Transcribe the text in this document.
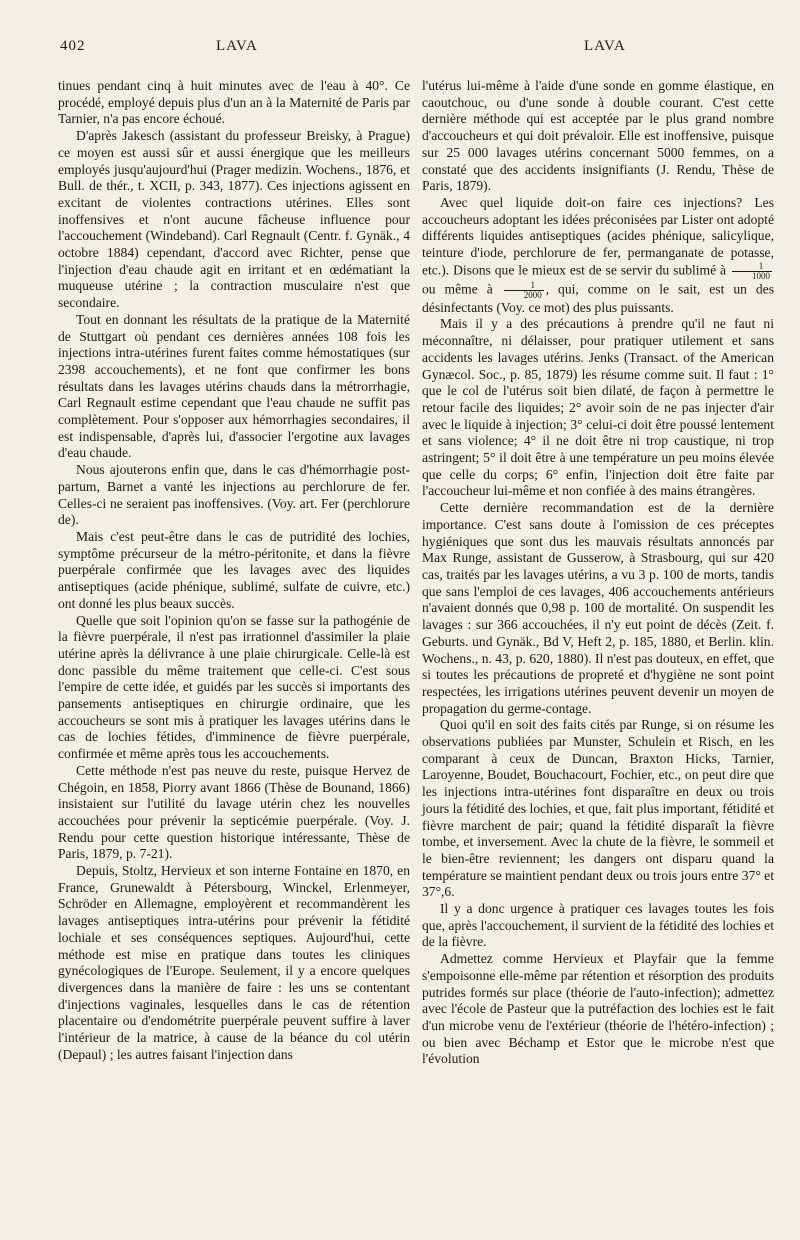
402	LAVA	LAVA

tinues pendant cinq à huit minutes avec de l'eau à 40°. Ce procédé, employé depuis plus d'un an à la Maternité de Paris par Tarnier, n'a pas encore échoué.

D'après Jakesch (assistant du professeur Breisky, à Prague) ce moyen est aussi sûr et aussi énergique que les meilleurs employés jusqu'aujourd'hui (Prager medizin. Wochens., 1876, et Bull. de thér., t. XCII, p. 343, 1877). Ces injections agissent en excitant de violentes contractions utérines. Elles sont inoffensives et n'ont aucune fâcheuse influence pour l'accouchement (Windeband). Carl Regnault (Centr. f. Gynäk., 4 octobre 1884) cependant, d'accord avec Richter, pense que l'injection d'eau chaude agit en irritant et en œdématiant la muqueuse utérine ; la contraction musculaire n'est que secondaire.

Tout en donnant les résultats de la pratique de la Maternité de Stuttgart où pendant ces dernières années 108 fois les injections intra-utérines furent faites comme hémostatiques (sur 2398 accouchements), et ne font que confirmer les bons résultats dans les lavages utérins chauds dans la métrorrhagie, Carl Regnault estime cependant que l'eau chaude ne suffit pas complètement. Pour s'opposer aux hémorrhagies secondaires, il est indispensable, d'après lui, d'associer l'ergotine aux lavages d'eau chaude.

Nous ajouterons enfin que, dans le cas d'hémorrhagie post-partum, Barnet a vanté les injections au perchlorure de fer. Celles-ci ne seraient pas inoffensives. (Voy. art. Fer (perchlorure de).

Mais c'est peut-être dans le cas de putridité des lochies, symptôme précurseur de la métro-péritonite, et dans la fièvre puerpérale confirmée que les lavages avec des liquides antiseptiques (acide phénique, sublimé, sulfate de cuivre, etc.) ont donné les plus beaux succès.

Quelle que soit l'opinion qu'on se fasse sur la pathogénie de la fièvre puerpérale, il n'est pas irrationnel d'assimiler la plaie utérine après la délivrance à une plaie chirurgicale. Celle-là est donc passible du même traitement que celle-ci. C'est sous l'empire de cette idée, et guidés par les succès si importants des pansements antiseptiques en chirurgie ordinaire, que les accoucheurs se sont mis à pratiquer les lavages utérins dans le cas de lochies fétides, d'imminence de fièvre puerpérale, confirmée et même après tous les accouchements.

Cette méthode n'est pas neuve du reste, puisque Hervez de Chégoin, en 1858, Piorry avant 1866 (Thèse de Bounand, 1866) insistaient sur l'utilité du lavage utérin chez les nouvelles accouchées pour prévenir la septicémie puerpérale. (Voy. J. Rendu pour cette question historique intéressante, Thèse de Paris, 1879, p. 7-21).

Depuis, Stoltz, Hervieux et son interne Fontaine en 1870, en France, Grunewaldt à Pétersbourg, Winckel, Erlenmeyer, Schröder en Allemagne, employèrent et recommandèrent les lavages antiseptiques intra-utérins pour prévenir la fétidité lochiale et ses conséquences septiques. Aujourd'hui, cette méthode est mise en pratique dans toutes les cliniques gynécologiques de l'Europe. Seulement, il y a encore quelques divergences dans la manière de faire : les uns se contentant d'injections vaginales, lesquelles dans le cas de rétention placentaire ou d'endométrite puerpérale peuvent suffire à laver l'intérieur de la matrice, à cause de la béance du col utérin (Depaul) ; les autres faisant l'injection dans

l'utérus lui-même à l'aide d'une sonde en gomme élastique, en caoutchouc, ou d'une sonde à double courant. C'est cette dernière méthode qui est acceptée par le plus grand nombre d'accoucheurs et qui doit prévaloir. Elle est inoffensive, puisque sur 25 000 lavages utérins concernant 5000 femmes, on a constaté que des accidents insignifiants (J. Rendu, Thèse de Paris, 1879).

Avec quel liquide doit-on faire ces injections? Les accoucheurs adoptant les idées préconisées par Lister ont adopté différents liquides antiseptiques (acides phénique, salicylique, teinture d'iode, perchlorure de fer, permanganate de potasse, etc.). Disons que le mieux est de se servir du sublimé à $\frac{1}{1000}$
ou même à $\frac{1}{2000}$ , qui, comme on le sait, est un des désinfectants (Voy. ce mot) des plus puissants.

Mais il y a des précautions à prendre qu'il ne faut ni méconnaître, ni délaisser, pour pratiquer utilement et sans accidents les lavages utérins. Jenks (Transact. of the American Gynæcol. Soc., p. 85, 1879) les résume comme suit. Il faut : 1° que le col de l'utérus soit bien dilaté, de façon à permettre le retour facile des liquides; 2° avoir soin de ne pas injecter d'air avec le liquide à injection; 3° celui-ci doit être poussé lentement et sans violence; 4° il ne doit être ni trop caustique, ni trop astringent; 5° il doit être à une température un peu moins élevée que celle du corps; 6° enfin, l'injection doit être faite par l'accoucheur lui-même et non confiée à des mains étrangères.

Cette dernière recommandation est de la dernière importance. C'est sans doute à l'omission de ces préceptes hygiéniques que sont dus les mauvais résultats annoncés par Max Runge, assistant de Gusserow, à Strasbourg, qui sur 420 cas, traités par les lavages utérins, a vu 3 p. 100 de morts, tandis que sans l'emploi de ces lavages, 406 accouchements antérieurs n'avaient donnés que 0,98 p. 100 de mortalité. On suspendit les lavages : sur 366 accouchées, il n'y eut point de décès (Zeit. f. Geburts. und Gynäk., Bd V, Heft 2, p. 185, 1880, et Berlin. klin. Wochens., n. 43, p. 620, 1880). Il n'est pas douteux, en effet, que si toutes les précautions de propreté et d'hygiène ne sont point respectées, les irrigations utérines peuvent devenir un moyen de propagation du germe-contage.

Quoi qu'il en soit des faits cités par Runge, si on résume les observations publiées par Munster, Schulein et Risch, en les comparant à ceux de Duncan, Braxton Hicks, Tarnier, Laroyenne, Boudet, Bouchacourt, Fochier, etc., on peut dire que les injections intra-utérines font disparaître en deux ou trois jours la fétidité des lochies, et que, fait plus important, fétidité et fièvre marchent de pair; quand la fétidité disparaît la fièvre tombe, et inversement. Avec la chute de la fièvre, le sommeil et le bien-être reviennent; les dangers ont disparu quand la température se maintient pendant deux ou trois jours entre 37° et 37°,6.

Il y a donc urgence à pratiquer ces lavages toutes les fois que, après l'accouchement, il survient de la fétidité des lochies et de la fièvre.

Admettez comme Hervieux et Playfair que la femme s'empoisonne elle-même par rétention et résorption des produits putrides formés sur place (théorie de l'auto-infection); admettez avec l'école de Pasteur que la putréfaction des lochies est le fait d'un microbe venu de l'extérieur (théorie de l'hétéro-infection) ; ou bien avec Béchamp et Estor que le microbe n'est que l'évolution
